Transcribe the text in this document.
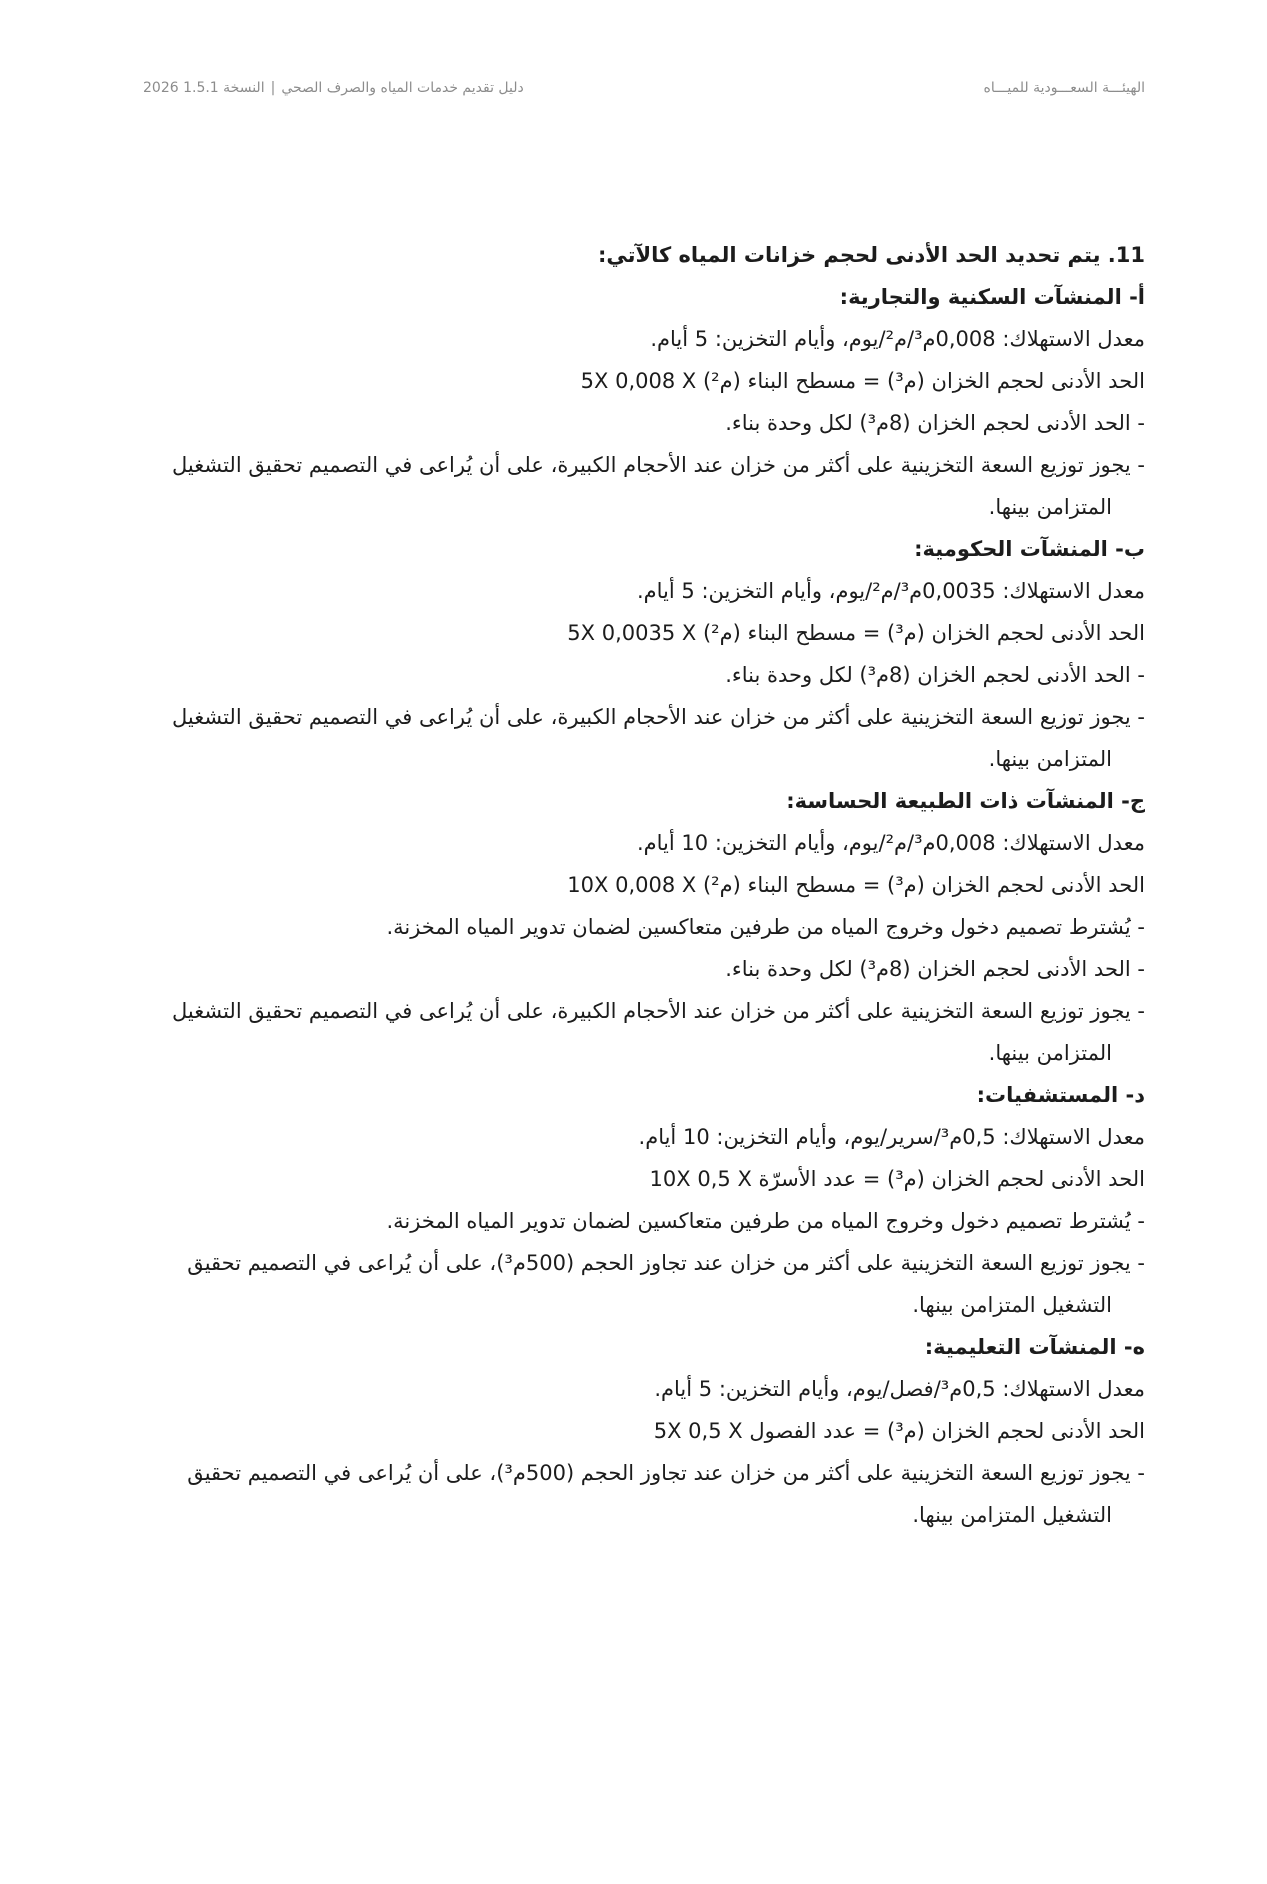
الهيئـــة السعـــودية للميـــاه
دليل تقديم خدمات المياه والصرف الصحي|النسخة 1.5.1 2026

11. يتم تحديد الحد الأدنى لحجم خزانات المياه كالآتي:

أ- المنشآت السكنية والتجارية:

معدل الاستهلاك: 0,008م³/م²/يوم، وأيام التخزين: 5 أيام.

الحد الأدنى لحجم الخزان (م³) = مسطح البناء (م²) X‏ 0,008 X‏5

- الحد الأدنى لحجم الخزان (8م³) لكل وحدة بناء.

- يجوز توزيع السعة التخزينية على أكثر من خزان عند الأحجام الكبيرة، على أن يُراعى في التصميم تحقيق التشغيل المتزامن بينها.

ب- المنشآت الحكومية:

معدل الاستهلاك: 0,0035م³/م²/يوم، وأيام التخزين: 5 أيام.

الحد الأدنى لحجم الخزان (م³) = مسطح البناء (م²) X‏ 0,0035 X‏5

- الحد الأدنى لحجم الخزان (8م³) لكل وحدة بناء.

- يجوز توزيع السعة التخزينية على أكثر من خزان عند الأحجام الكبيرة، على أن يُراعى في التصميم تحقيق التشغيل المتزامن بينها.

ج- المنشآت ذات الطبيعة الحساسة:

معدل الاستهلاك: 0,008م³/م²/يوم، وأيام التخزين: 10 أيام.

الحد الأدنى لحجم الخزان (م³) = مسطح البناء (م²) X‏ 0,008 X‏10

- يُشترط تصميم دخول وخروج المياه من طرفين متعاكسين لضمان تدوير المياه المخزنة.

- الحد الأدنى لحجم الخزان (8م³) لكل وحدة بناء.

- يجوز توزيع السعة التخزينية على أكثر من خزان عند الأحجام الكبيرة، على أن يُراعى في التصميم تحقيق التشغيل المتزامن بينها.

د- المستشفيات:

معدل الاستهلاك: 0,5م³/سرير/يوم، وأيام التخزين: 10 أيام.

الحد الأدنى لحجم الخزان (م³) = عدد الأسرّة X‏ 0,5 X‏10

- يُشترط تصميم دخول وخروج المياه من طرفين متعاكسين لضمان تدوير المياه المخزنة.

- يجوز توزيع السعة التخزينية على أكثر من خزان عند تجاوز الحجم (500م³)، على أن يُراعى في التصميم تحقيق التشغيل المتزامن بينها.

ه- المنشآت التعليمية:

معدل الاستهلاك: 0,5م³/فصل/يوم، وأيام التخزين: 5 أيام.

الحد الأدنى لحجم الخزان (م³) = عدد الفصول X‏ 0,5 X‏5

- يجوز توزيع السعة التخزينية على أكثر من خزان عند تجاوز الحجم (500م³)، على أن يُراعى في التصميم تحقيق التشغيل المتزامن بينها.
